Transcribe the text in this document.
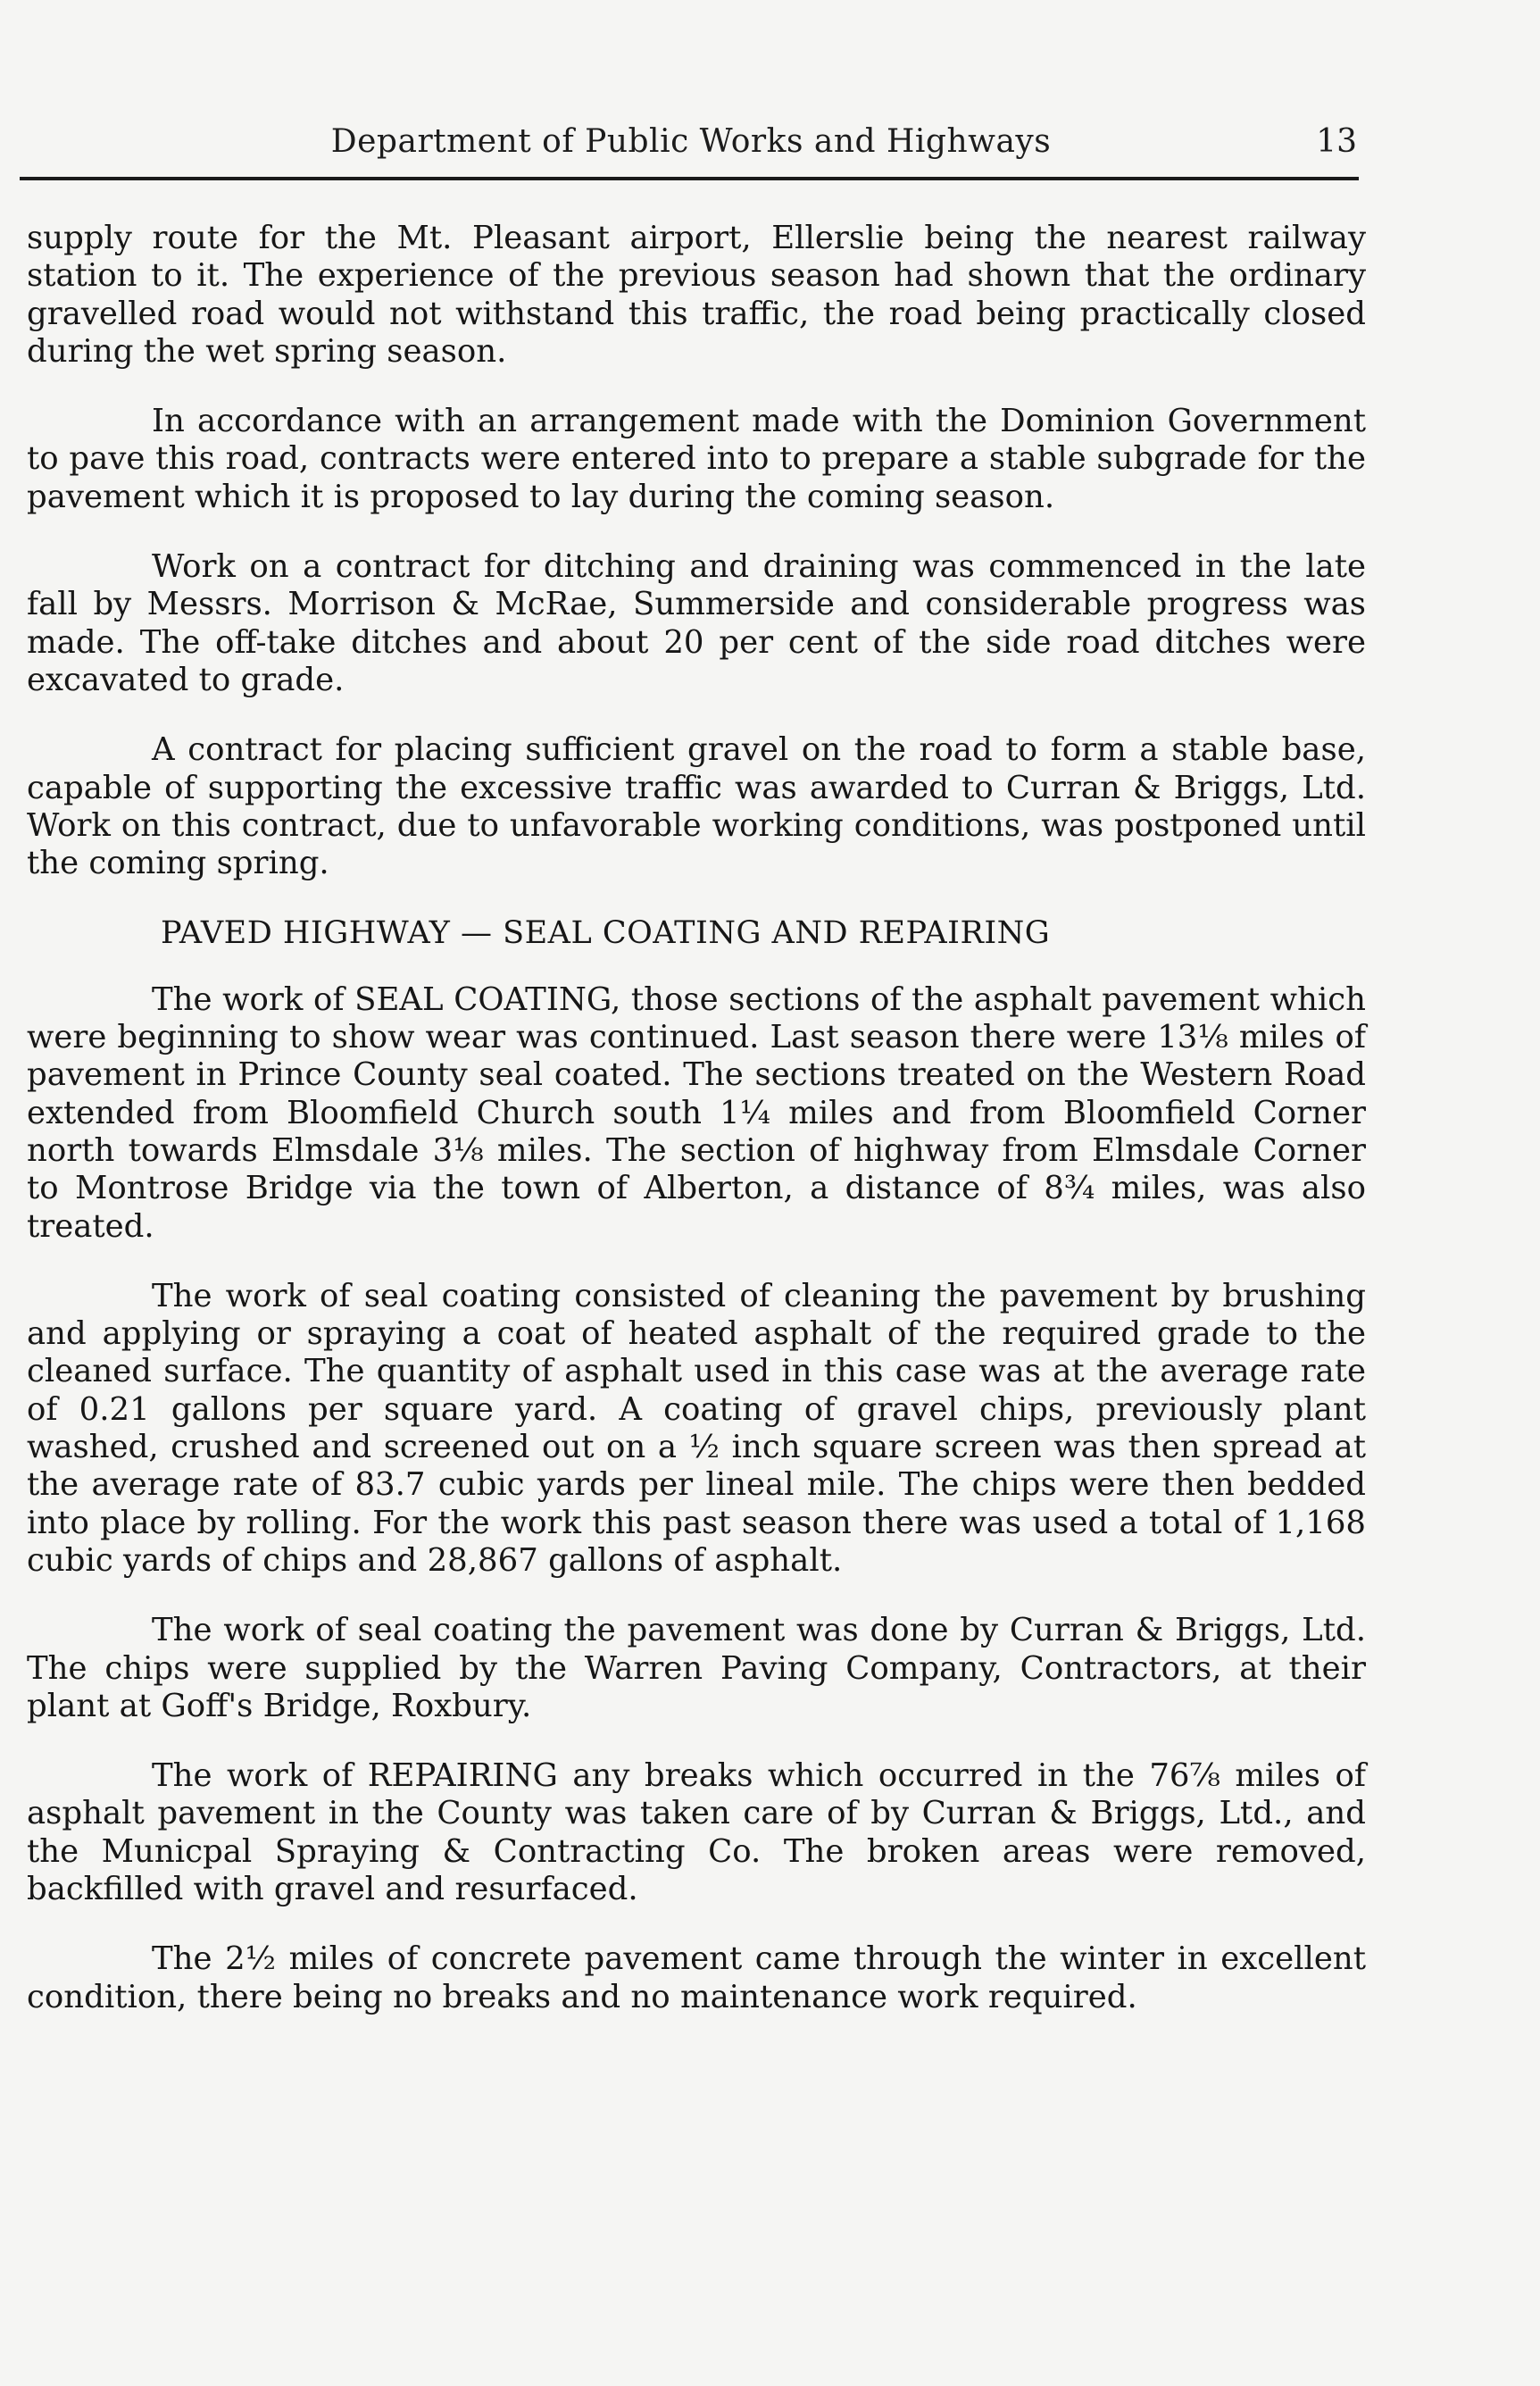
Department of Public Works and Highways	13

supply route for the Mt. Pleasant airport, Ellerslie being the nearest railway station to it. The experience of the previous season had shown that the ordinary gravelled road would not withstand this traffic, the road being practically closed during the wet spring season.

In accordance with an arrangement made with the Dominion Government to pave this road, contracts were entered into to prepare a stable subgrade for the pavement which it is proposed to lay during the coming season.

Work on a contract for ditching and draining was commenced in the late fall by Messrs. Morrison & McRae, Summerside and considerable progress was made. The off-take ditches and about 20 per cent of the side road ditches were excavated to grade.

A contract for placing sufficient gravel on the road to form a stable base, capable of supporting the excessive traffic was awarded to Curran & Briggs, Ltd. Work on this contract, due to unfavorable working conditions, was postponed until the coming spring.

PAVED HIGHWAY — SEAL COATING AND REPAIRING

The work of SEAL COATING, those sections of the asphalt pavement which were beginning to show wear was continued. Last season there were 13⅛ miles of pavement in Prince County seal coated. The sections treated on the Western Road extended from Bloomfield Church south 1¼ miles and from Bloomfield Corner north towards Elmsdale 3⅛ miles. The section of highway from Elmsdale Corner to Montrose Bridge via the town of Alberton, a distance of 8¾ miles, was also treated.

The work of seal coating consisted of cleaning the pavement by brushing and applying or spraying a coat of heated asphalt of the required grade to the cleaned surface. The quantity of asphalt used in this case was at the average rate of 0.21 gallons per square yard. A coating of gravel chips, previously plant washed, crushed and screened out on a ½ inch square screen was then spread at the average rate of 83.7 cubic yards per lineal mile. The chips were then bedded into place by rolling. For the work this past season there was used a total of 1,168 cubic yards of chips and 28,867 gallons of asphalt.

The work of seal coating the pavement was done by Curran & Briggs, Ltd. The chips were supplied by the Warren Paving Company, Contractors, at their plant at Goff's Bridge, Roxbury.

The work of REPAIRING any breaks which occurred in the 76⅞ miles of asphalt pavement in the County was taken care of by Curran & Briggs, Ltd., and the Municpal Spraying & Contracting Co. The broken areas were removed, backfilled with gravel and resurfaced.

The 2½ miles of concrete pavement came through the winter in excellent condition, there being no breaks and no maintenance work required.
